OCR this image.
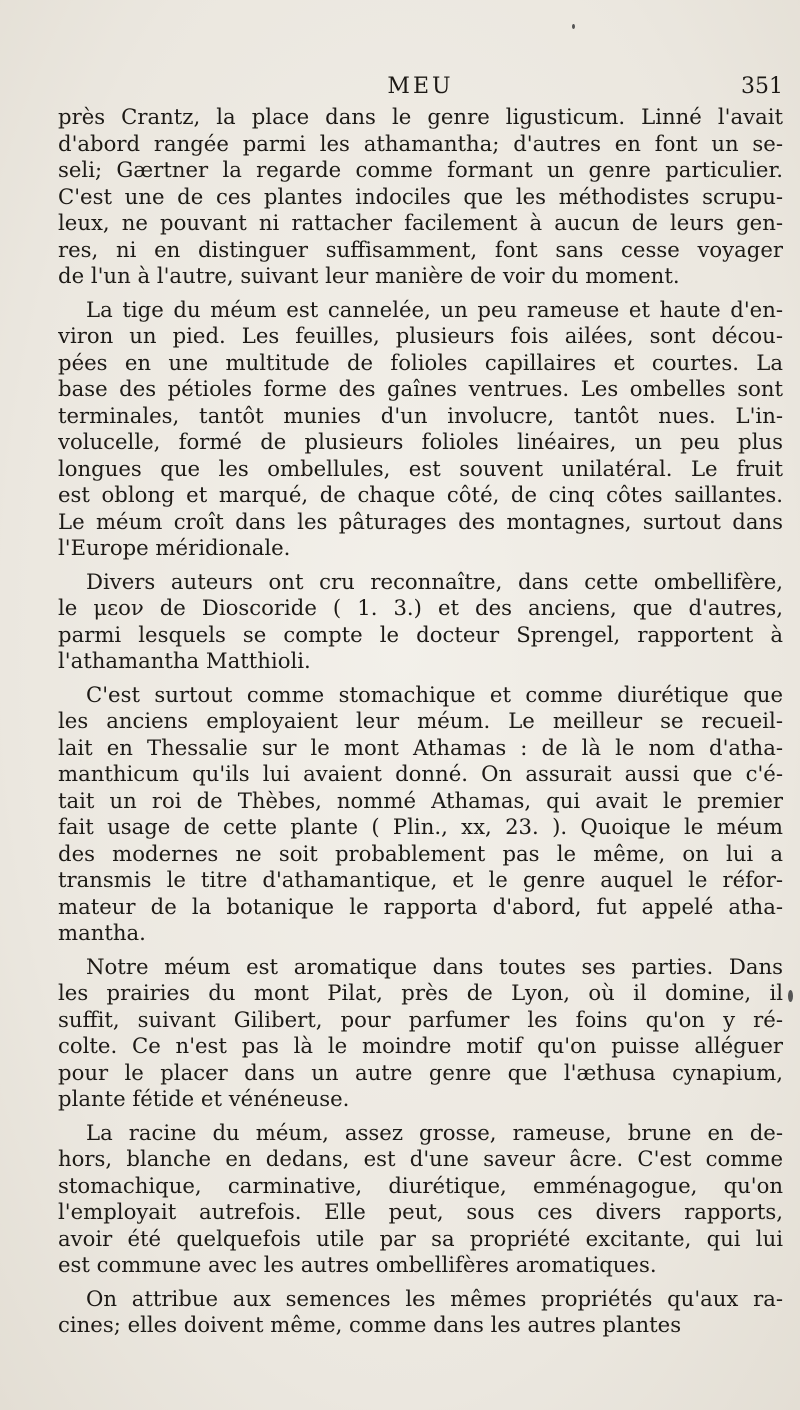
MEU	351
près Crantz, la place dans le genre ligusticum. Linné l'avait
d'abord rangée parmi les athamantha; d'autres en font un se-
seli; Gærtner la regarde comme formant un genre particulier.
C'est une de ces plantes indociles que les méthodistes scrupu-
leux, ne pouvant ni rattacher facilement à aucun de leurs gen-
res, ni en distinguer suffisamment, font sans cesse voyager
de l'un à l'autre, suivant leur manière de voir du moment.
La tige du méum est cannelée, un peu rameuse et haute d'en-
viron un pied. Les feuilles, plusieurs fois ailées, sont décou-
pées en une multitude de folioles capillaires et courtes. La
base des pétioles forme des gaînes ventrues. Les ombelles sont
terminales, tantôt munies d'un involucre, tantôt nues. L'in-
volucelle, formé de plusieurs folioles linéaires, un peu plus
longues que les ombellules, est souvent unilatéral. Le fruit
est oblong et marqué, de chaque côté, de cinq côtes saillantes.
Le méum croît dans les pâturages des montagnes, surtout dans
l'Europe méridionale.
Divers auteurs ont cru reconnaître, dans cette ombellifère,
le μεον de Dioscoride ( 1. 3.) et des anciens, que d'autres,
parmi lesquels se compte le docteur Sprengel, rapportent à
l'athamantha Matthioli.
C'est surtout comme stomachique et comme diurétique que
les anciens employaient leur méum. Le meilleur se recueil-
lait en Thessalie sur le mont Athamas : de là le nom d'atha-
manthicum qu'ils lui avaient donné. On assurait aussi que c'é-
tait un roi de Thèbes, nommé Athamas, qui avait le premier
fait usage de cette plante ( Plin., xx, 23. ). Quoique le méum
des modernes ne soit probablement pas le même, on lui a
transmis le titre d'athamantique, et le genre auquel le réfor-
mateur de la botanique le rapporta d'abord, fut appelé atha-
mantha.
Notre méum est aromatique dans toutes ses parties. Dans
les prairies du mont Pilat, près de Lyon, où il domine, il
suffit, suivant Gilibert, pour parfumer les foins qu'on y ré-
colte. Ce n'est pas là le moindre motif qu'on puisse alléguer
pour le placer dans un autre genre que l'æthusa cynapium,
plante fétide et vénéneuse.
La racine du méum, assez grosse, rameuse, brune en de-
hors, blanche en dedans, est d'une saveur âcre. C'est comme
stomachique, carminative, diurétique, emménagogue, qu'on
l'employait autrefois. Elle peut, sous ces divers rapports,
avoir été quelquefois utile par sa propriété excitante, qui lui
est commune avec les autres ombellifères aromatiques.
On attribue aux semences les mêmes propriétés qu'aux ra-
cines; elles doivent même, comme dans les autres plantes
